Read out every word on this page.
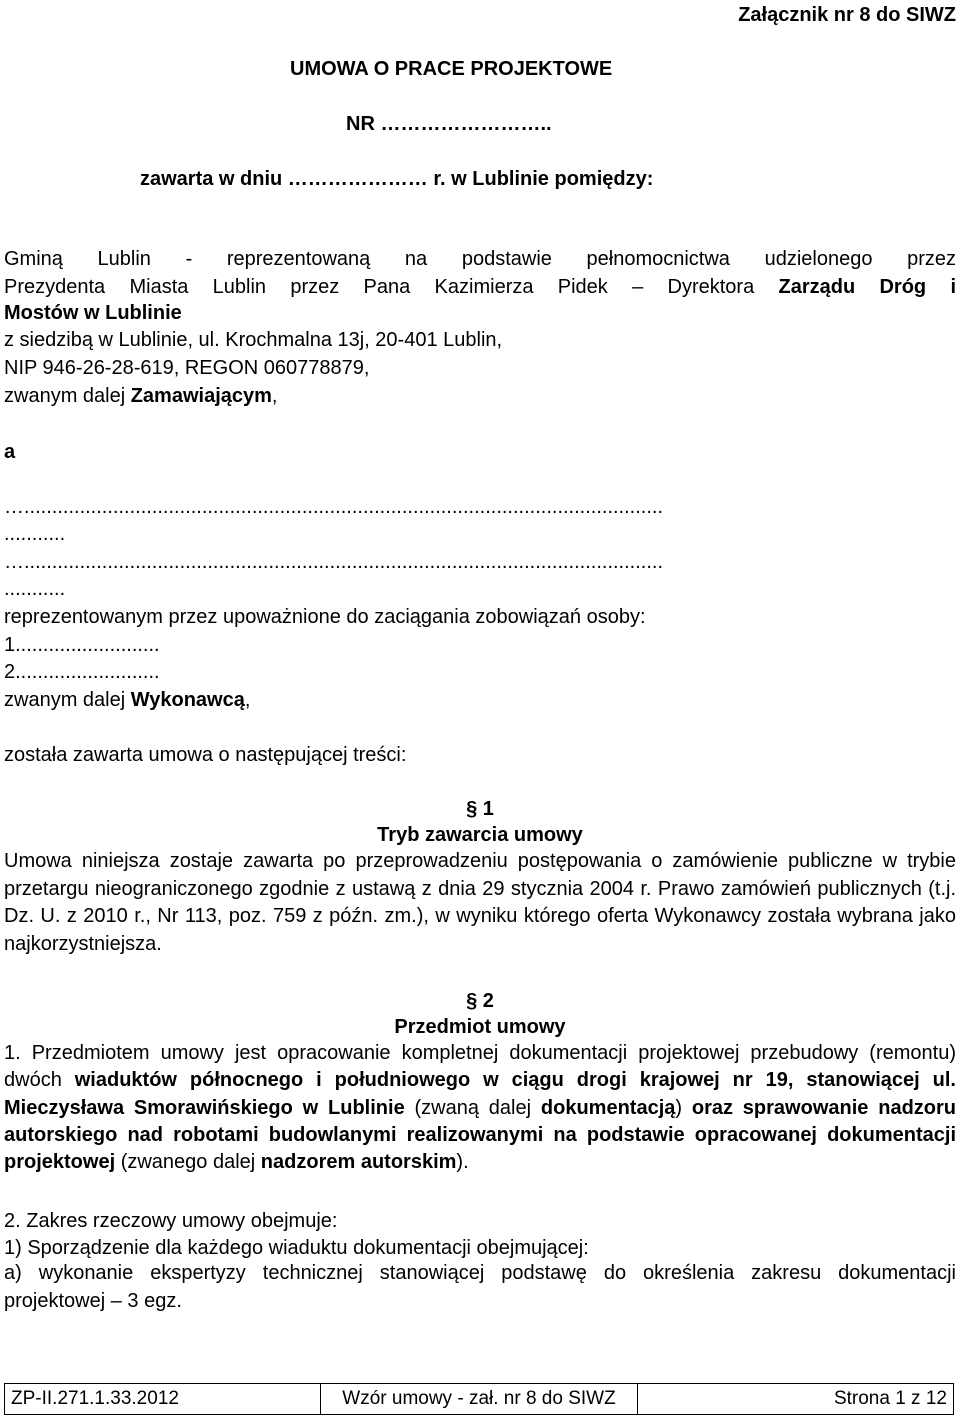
Załącznik nr 8 do SIWZ
UMOWA O PRACE PROJEKTOWE
NR ……………………..
zawarta w dniu ………………… r. w Lublinie pomiędzy:
Gminą Lublin - reprezentowaną na podstawie pełnomocnictwa udzielonego przez
Prezydenta Miasta Lublin przez Pana Kazimierza Pidek – Dyrektora Zarządu Dróg i
Mostów w Lublinie
z siedzibą w Lublinie, ul. Krochmalna 13j, 20-401 Lublin,
NIP 946-26-28-619, REGON 060778879,
zwanym dalej Zamawiającym,
a
…...................................................................................................................
...........
…...................................................................................................................
...........
reprezentowanym przez upoważnione do zaciągania zobowiązań osoby:
1..........................
2..........................
zwanym dalej Wykonawcą,
została zawarta umowa o następującej treści:
§ 1
Tryb zawarcia umowy
Umowa niniejsza zostaje zawarta po przeprowadzeniu postępowania o zamówienie publiczne w trybie przetargu nieograniczonego zgodnie z ustawą z dnia 29 stycznia 2004 r. Prawo zamówień publicznych (t.j. Dz. U. z 2010 r., Nr 113, poz. 759 z późn. zm.), w wyniku którego oferta Wykonawcy została wybrana jako najkorzystniejsza.
§ 2
Przedmiot umowy
1. Przedmiotem umowy jest opracowanie kompletnej dokumentacji projektowej przebudowy (remontu) dwóch wiaduktów północnego i południowego w ciągu drogi krajowej nr 19, stanowiącej ul. Mieczysława Smorawińskiego w Lublinie (zwaną dalej dokumentacją) oraz sprawowanie nadzoru autorskiego nad robotami budowlanymi realizowanymi na podstawie opracowanej dokumentacji projektowej (zwanego dalej nadzorem autorskim).
2. Zakres rzeczowy umowy obejmuje:
1) Sporządzenie dla każdego wiaduktu dokumentacji obejmującej:
a) wykonanie ekspertyzy technicznej stanowiącej podstawę do określenia zakresu dokumentacji projektowej – 3 egz.
ZP-II.271.1.33.2012	Wzór umowy - zał. nr 8 do SIWZ	Strona 1 z 12
